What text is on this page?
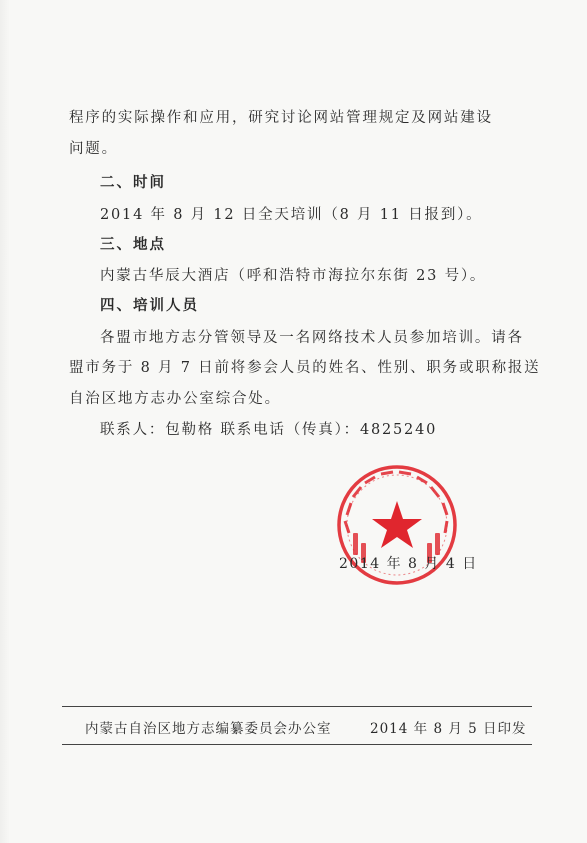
程序的实际操作和应用，研究讨论网站管理规定及网站建设
问题。
二、时间
2014 年 8 月 12 日全天培训（8 月 11 日报到）。
三、地点
内蒙古华辰大酒店（呼和浩特市海拉尔东街 23 号）。
四、培训人员
各盟市地方志分管领导及一名网络技术人员参加培训。请各
盟市务于 8 月 7 日前将参会人员的姓名、性别、职务或职称报送
自治区地方志办公室综合处。
联系人：包勒格 联系电话（传真）：4825240
2014 年 8 月 4 日
内蒙古自治区地方志编纂委员会办公室	2014 年 8 月 5 日印发
